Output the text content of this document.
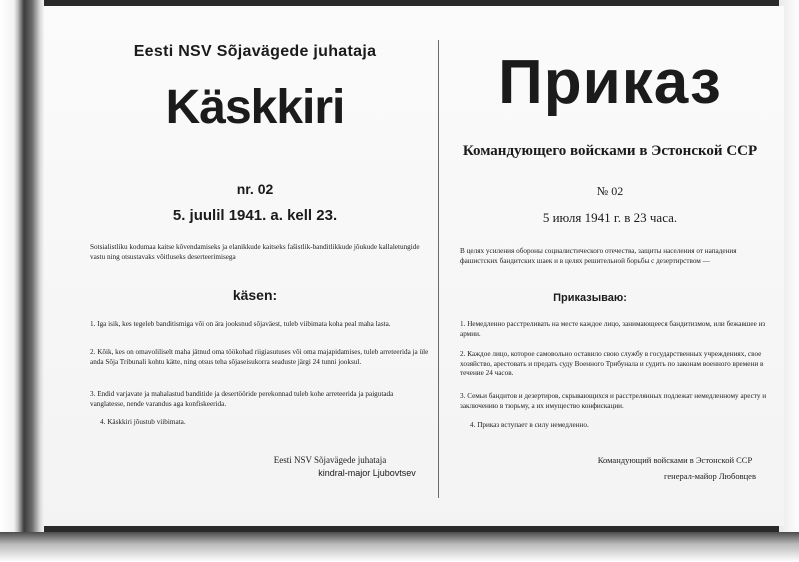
Eesti NSV Sõjavägede juhataja
Käskkiri
nr. 02
5. juulil 1941. a. kell 23.
Sotsialistliku kodumaa kaitse kõvendamiseks ja elanikkude kaitseks fašistlik-banditlikkude jõukude kallaletungide vastu ning otsustavaks võitluseks deserteerimisega
käsen:
1. Iga isik, kes tegeleb banditismiga või on ära jooksnud sõjaväest, tuleb viibimata koha peal maha lasta.
2. Kõik, kes on omavoliliselt maha jätnud oma töökohad riigiasutuses või oma majapidamises, tuleb arreteerida ja üle anda Sõja Tribunali kohtu kätte, ning otsus teha sõjaseisukorra seaduste järgi 24 tunni jooksul.
3. Endid varjavate ja mahalastud banditide ja desertööride perekonnad tuleb kohe arreteerida ja paigutada vanglatesse, nende varandus aga konfiskeerida.
4. Käskkiri jõustub viibimata.
Eesti NSV Sõjavägede juhataja
kindral-major Ljubovtsev
Приказ
Командующего войсками в Эстонской ССР
№ 02
5 июля 1941 г. в 23 часа.
В целях усиления обороны социалистического отечества, защиты населения от нападения фашистских бандитских шаек и в целях решительной борьбы с дезертирством —
Приказываю:
1. Немедленно расстреливать на месте каждое лицо, занимающееся бандитизмом, или бежавшее из армии.
2. Каждое лицо, которое самовольно оставило свою службу в государственных учреждениях, свое хозяйство, арестовать и предать суду Военного Трибунала и судить по законам военного времени в течение 24 часов.
3. Семьи бандитов и дезертиров, скрывающихся и расстрелянных подлежат немедленному аресту и заключению в тюрьму, а их имущество конфискации.
4. Приказ вступает в силу немедленно.
Командующий войсками в Эстонской ССР
генерал-майор Любовцев
